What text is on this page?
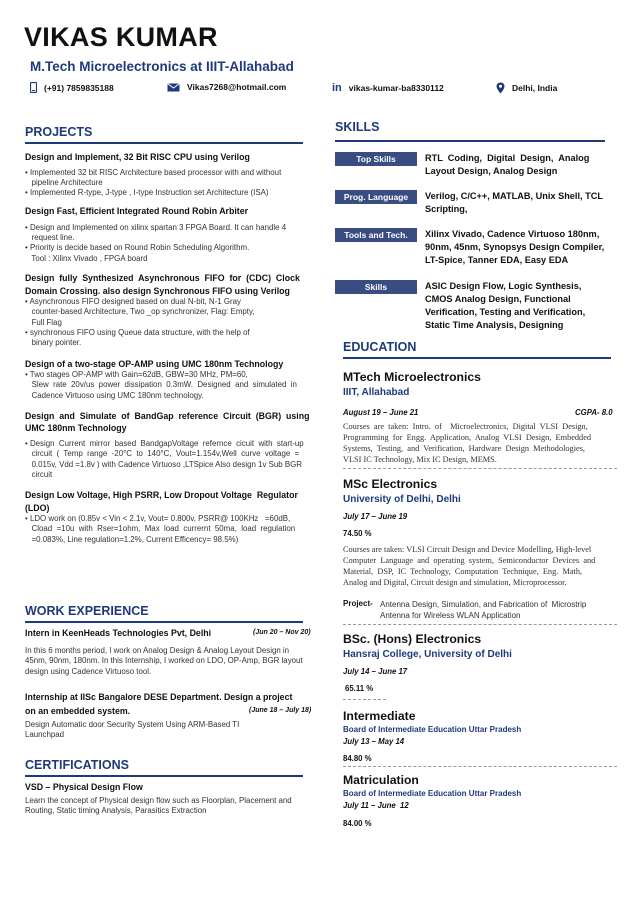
VIKAS KUMAR
M.Tech Microelectronics at IIIT-Allahabad
(+91) 7859835188	Vikas7268@hotmail.com	in vikas-kumar-ba8330112	Delhi, India
PROJECTS
Design and Implement, 32 Bit RISC CPU using Verilog
• Implemented 32 bit RISC Architecture based processor with and without
pipeline Architecture
• Implemented R-type, J-type , I-type Instruction set Architecture (ISA)
Design Fast, Efficient Integrated Round Robin Arbiter
• Design and Implemented on xilinx spartan 3 FPGA Board. It can handle 4
request line.
• Priority is decide based on Round Robin Scheduling Algorithm.
Tool : Xilinx Vivado , FPGA board
Design  fully  Synthesized  Asynchronous  FIFO  for  (CDC)  Clock
Domain Crossing. also design Synchronous FIFO using Verilog
• Asynchronous FIFO designed based on dual N-bit, N-1 Gray
counter-based Architecture, Two _op synchronizer, Flag: Empty,
Full Flag
• synchronous FIFO using Queue data structure, with the help of
binary pointer.
Design of a two-stage OP-AMP using UMC 180nm Technology
• Two stages OP-AMP with Gain=62dB, GBW=30 MHz, PM=60,
Slew  rate  20v/us  power  dissipation  0.3mW.  Designed  and  simulated  in
Cadence Virtuoso using UMC 180nm technology.
Design  and  Simulate  of  BandGap  reference  Circuit  (BGR)  using
UMC 180nm Technology
• Design  Current  mirror  based  BandgapVoltage  refernce  cicuit  with  start-up
circuit  (  Temp  range  -20°C  to  140°C,  Vout=1.154v,Well  curve  voltage  =
0.015v, Vdd =1.8v ) with Cadence Virtuoso ,LTSpice Also design 1v Sub BGR
circuit
Design Low Voltage, High PSRR, Low Dropout Voltage  Regulator
(LDO)
• LDO work on (0.85v < Vin < 2.1v, Vout= 0.800v, PSRR@ 100KHz   =60dB,
Cload  =10u  with  Rser=1ohm,  Max  load  currernt  50ma,  load  regulation
=0.083%, Line regulation=1.2%, Current Efficency= 98.5%)
WORK EXPERIENCE
Intern in KeenHeads Technologies Pvt, Delhi	(Jun 20 – Nov 20)
In this 6 months period, I work on Analog Design & Analog Layout Design in
45nm, 90nm, 180nm. In this Internship, I worked on LDO, OP-Amp, BGR layout
design using Cadence Virtuoso tool.
Internship at IISc Bangalore DESE Department. Design a project
on an embedded system.	(June 18 – July 18)
Design Automatic door Security System Using ARM-Based TI
Launchpad
CERTIFICATIONS
VSD – Physical Design Flow
Learn the concept of Physical design flow such as Floorplan, Placement and
Routing, Static timing Analysis, Parasitics Extraction
SKILLS
Top Skills	RTL  Coding,  Digital  Design,  Analog
Layout Design, Analog Design
Prog. Language	Verilog, C/C++, MATLAB, Unix Shell, TCL
Scripting,
Tools and Tech.	Xilinx Vivado, Cadence Virtuoso 180nm,
90nm, 45nm, Synopsys Design Compiler,
LT-Spice, Tanner EDA, Easy EDA
Skills	ASIC Design Flow, Logic Synthesis,
CMOS Analog Design, Functional
Verification, Testing and Verification,
Static Time Analysis, Designing
EDUCATION
MTech Microelectronics
IIIT, Allahabad
August 19 – June 21	CGPA- 8.0
Courses  are  taken:  Intro.  of    Microelectronics,  Digital  VLSI  Design,
Programming  for  Engg.  Application,  Analog  VLSI  Design,  Embedded
Systems,  Testing,  and  Verification,  Hardware  Design  Methodologies,
VLSI IC Technology, Mix IC Design, MEMS.
MSc Electronics
University of Delhi, Delhi
July 17 – June 19
74.50 %
Courses are taken: VLSI Circuit Design and Device Modelling, High-level
Computer  Language  and  operating  system,  Semiconductor  Devices  and
Material,  DSP,  IC  Technology,  Computation  Technique,  Eng.  Math,
Analog and Digital, Circuit design and simulation, Microprocessor.
Project- Antenna Design, Simulation, and Fabrication of  Microstrip
Antenna for Wireless WLAN Application
BSc. (Hons) Electronics
Hansraj College, University of Delhi
July 14 – June 17
65.11 %
Intermediate
Board of Intermediate Education Uttar Pradesh
July 13 – May 14
84.80 %
Matriculation
Board of Intermediate Education Uttar Pradesh
July 11 – June  12
84.00 %
